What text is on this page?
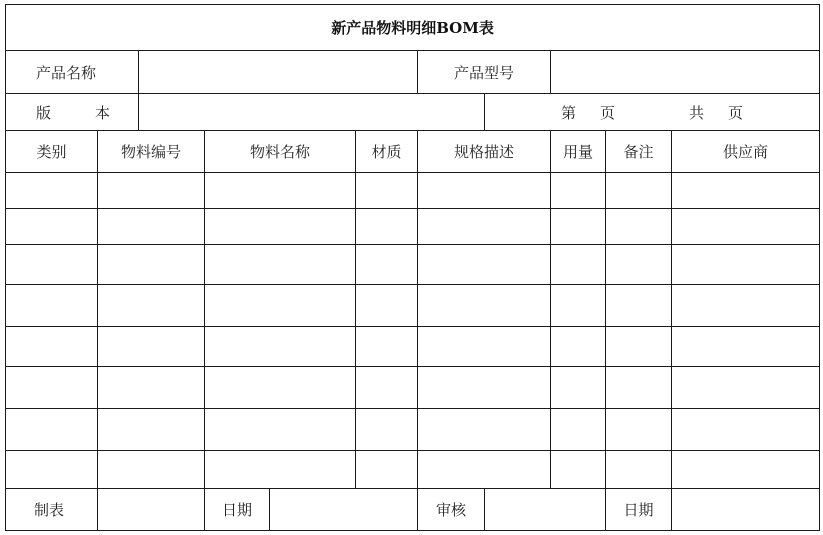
新产品物料明细BOM表										
产品名称						产品型号				
版 本							第 页 共 页			
类别	物料编号		物料名称		材质	规格描述		用量	备注	供应商

制表			日期			审核			日期	
